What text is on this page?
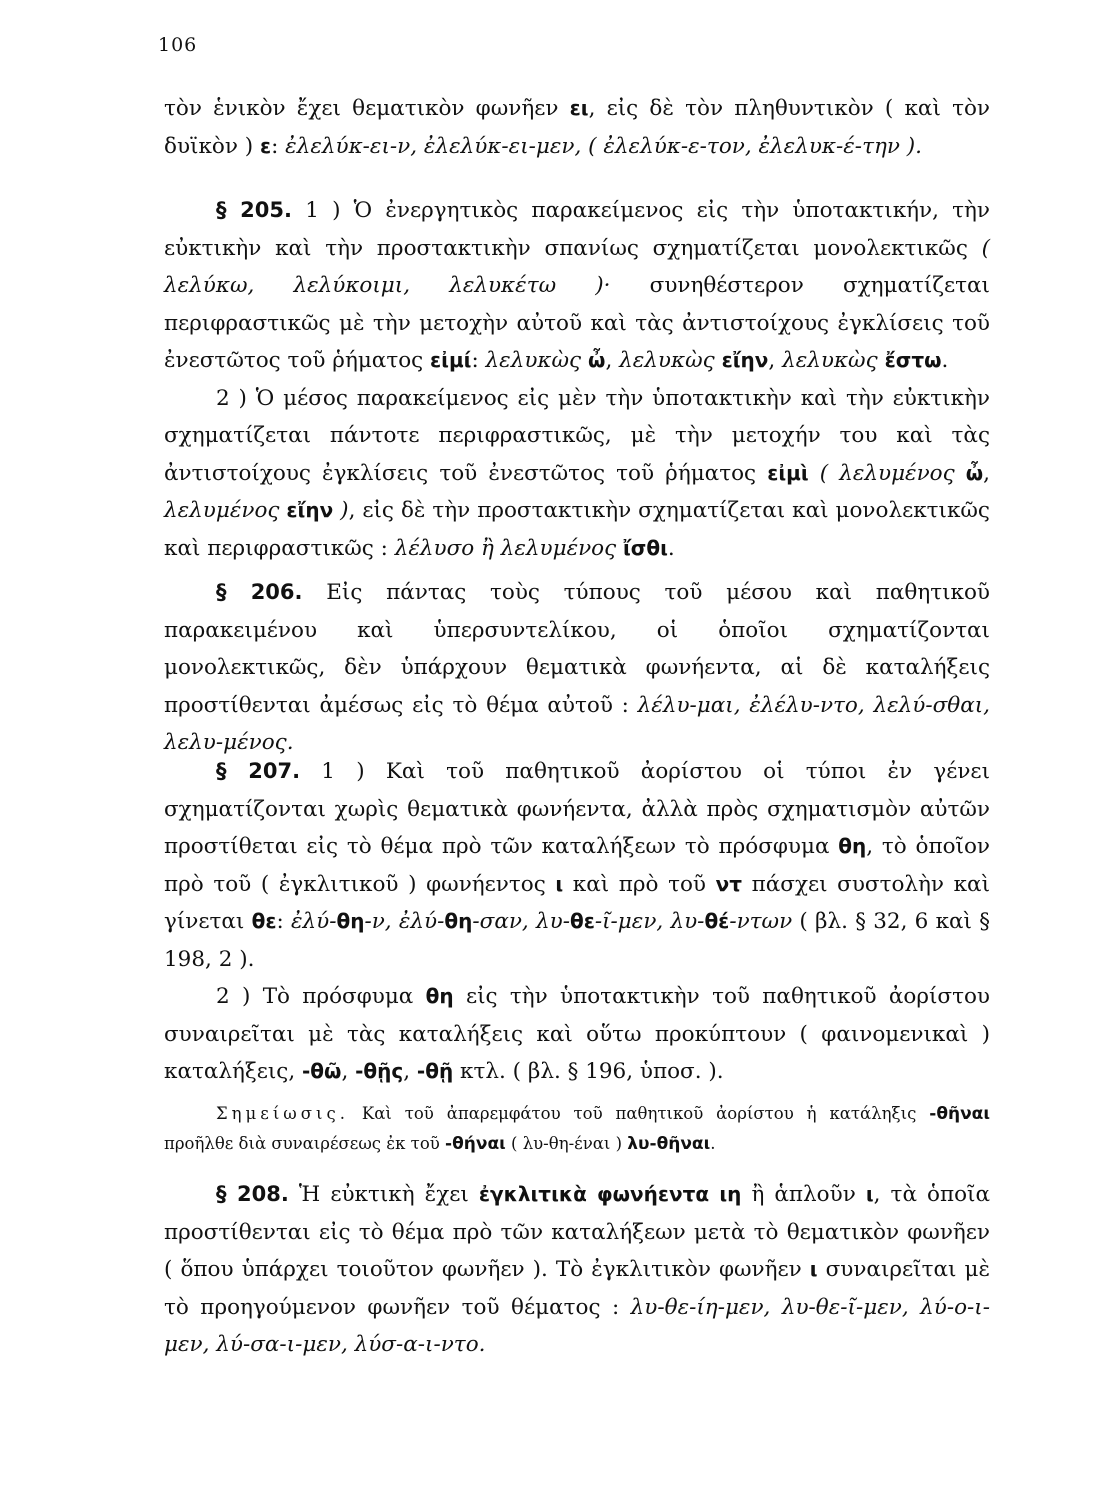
106

τὸν ἑνικὸν ἔχει θεματικὸν φωνῆεν ει, εἰς δὲ τὸν πληθυντικὸν ( καὶ τὸν δυϊκὸν ) ε: ἐλελύκ-ει-ν, ἐλελύκ-ει-μεν, ( ἐλελύκ-ε-τον, ἐλελυκ-έ-την ).

§ 205. 1 ) Ὁ ἐνεργητικὸς παρακείμενος εἰς τὴν ὑποτακτικήν, τὴν εὐκτικὴν καὶ τὴν προστακτικὴν σπανίως σχηματίζεται μονολεκτικῶς ( λελύκω, λελύκοιμι, λελυκέτω )· συνηθέστερον σχηματίζεται περιφραστικῶς μὲ τὴν μετοχὴν αὐτοῦ καὶ τὰς ἀντιστοίχους ἐγκλίσεις τοῦ ἐνεστῶτος τοῦ ῥήματος εἰμί: λελυκὼς ὦ, λελυκὼς εἴην, λελυκὼς ἔστω.

2 ) Ὁ μέσος παρακείμενος εἰς μὲν τὴν ὑποτακτικὴν καὶ τὴν εὐκτικὴν σχηματίζεται πάντοτε περιφραστικῶς, μὲ τὴν μετοχήν του καὶ τὰς ἀντιστοίχους ἐγκλίσεις τοῦ ἐνεστῶτος τοῦ ῥήματος εἰμὶ ( λελυμένος ὦ, λελυμένος εἴην ), εἰς δὲ τὴν προστακτικὴν σχηματίζεται καὶ μονολεκτικῶς καὶ περιφραστικῶς : λέλυσο ἢ λελυμένος ἴσθι.

§ 206. Εἰς πάντας τοὺς τύπους τοῦ μέσου καὶ παθητικοῦ παρακειμένου καὶ ὑπερσυντελίκου, οἱ ὁποῖοι σχηματίζονται μονολεκτικῶς, δὲν ὑπάρχουν θεματικὰ φωνήεντα, αἱ δὲ καταλήξεις προστίθενται ἀμέσως εἰς τὸ θέμα αὐτοῦ : λέλυ-μαι, ἐλέλυ-ντο, λελύ-σθαι, λελυ-μένος.

§ 207. 1 ) Καὶ τοῦ παθητικοῦ ἀορίστου οἱ τύποι ἐν γένει σχηματίζονται χωρὶς θεματικὰ φωνήεντα, ἀλλὰ πρὸς σχηματισμὸν αὐτῶν προστίθεται εἰς τὸ θέμα πρὸ τῶν καταλήξεων τὸ πρόσφυμα θη, τὸ ὁποῖον πρὸ τοῦ ( ἐγκλιτικοῦ ) φωνήεντος ι καὶ πρὸ τοῦ ντ πάσχει συστολὴν καὶ γίνεται θε: ἐλύ-θη-ν, ἐλύ-θη-σαν, λυ-θε-ῖ-μεν, λυ-θέ-ντων ( βλ. § 32, 6 καὶ § 198, 2 ).

2 ) Τὸ πρόσφυμα θη εἰς τὴν ὑποτακτικὴν τοῦ παθητικοῦ ἀορίστου συναιρεῖται μὲ τὰς καταλήξεις καὶ οὕτω προκύπτουν ( φαινομενικαὶ ) καταλήξεις, -θῶ, -θῇς, -θῇ κτλ. ( βλ. § 196, ὑποσ. ).

Σημείωσις. Καὶ τοῦ ἀπαρεμφάτου τοῦ παθητικοῦ ἀορίστου ἡ κατάληξις -θῆναι προῆλθε διὰ συναιρέσεως ἐκ τοῦ -θήναι ( λυ-θη-έναι ) λυ-θῆναι.

§ 208. Ἡ εὐκτικὴ ἔχει ἐγκλιτικὰ φωνήεντα ιη ἢ ἁπλοῦν ι, τὰ ὁποῖα προστίθενται εἰς τὸ θέμα πρὸ τῶν καταλήξεων μετὰ τὸ θεματικὸν φωνῆεν ( ὅπου ὑπάρχει τοιοῦτον φωνῆεν ). Τὸ ἐγκλιτικὸν φωνῆεν ι συναιρεῖται μὲ τὸ προηγούμενον φωνῆεν τοῦ θέματος : λυ-θε-ίη-μεν, λυ-θε-ῖ-μεν, λύ-ο-ι-μεν, λύ-σα-ι-μεν, λύσ-α-ι-ντο.
